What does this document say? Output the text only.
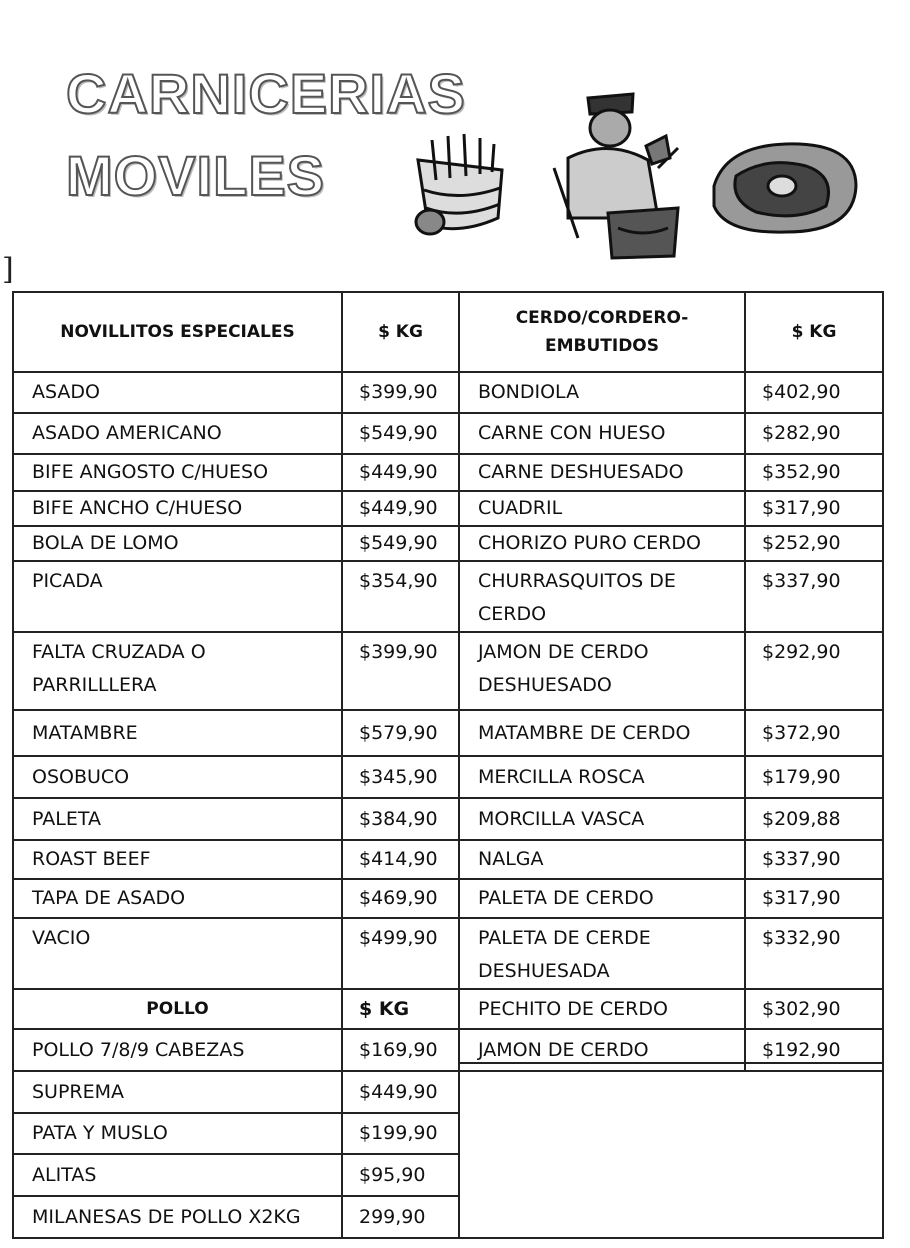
CARNICERIAS
MOVILES
]
NOVILLITOS ESPECIALES	$ KG	CERDO/CORDERO-EMBUTIDOS	$ KG
ASADO	$399,90	BONDIOLA	$402,90
ASADO AMERICANO	$549,90	CARNE CON HUESO	$282,90
BIFE ANGOSTO C/HUESO	$449,90	CARNE DESHUESADO	$352,90
BIFE ANCHO C/HUESO	$449,90	CUADRIL	$317,90
BOLA DE LOMO	$549,90	CHORIZO PURO CERDO	$252,90
PICADA	$354,90	CHURRASQUITOS DE CERDO	$337,90
FALTA CRUZADA O PARRILLLERA	$399,90	JAMON DE CERDO DESHUESADO	$292,90
MATAMBRE	$579,90	MATAMBRE DE CERDO	$372,90
OSOBUCO	$345,90	MERCILLA ROSCA	$179,90
PALETA	$384,90	MORCILLA VASCA	$209,88
ROAST BEEF	$414,90	NALGA	$337,90
TAPA DE ASADO	$469,90	PALETA DE CERDO	$317,90
VACIO	$499,90	PALETA DE CERDE DESHUESADA	$332,90
POLLO	$ KG	PECHITO DE CERDO	$302,90
POLLO 7/8/9 CABEZAS	$169,90	JAMON DE CERDO	$192,90
SUPREMA	$449,90		
PATA Y MUSLO	$199,90		
ALITAS	$95,90		
MILANESAS DE POLLO X2KG	299,90		
